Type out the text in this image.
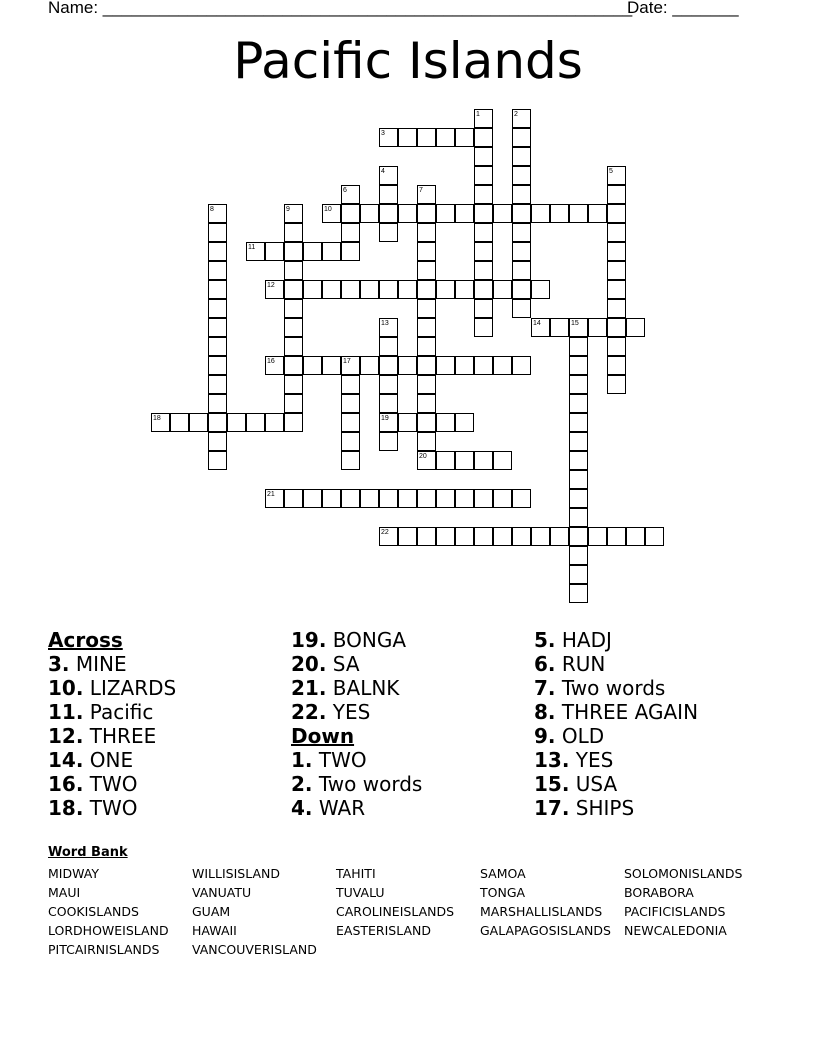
Name: ________________________________________________________
Date: _______
Pacific Islands
3
10
11
12
14
16
18	19
20
21
22
1	2
4	5
6	7
8	9
13	15
17
Across
3. MINE
10. LIZARDS
11. Pacific
12. THREE
14. ONE
16. TWO
18. TWO
19. BONGA
20. SA
21. BALNK
22. YES
Down
1. TWO
2. Two words
4. WAR
5. HADJ
6. RUN
7. Two words
8. THREE AGAIN
9. OLD
13. YES
15. USA
17. SHIPS
Word Bank
MIDWAY
MAUI
COOKISLANDS
LORDHOWEISLAND
PITCAIRNISLANDS
WILLISISLAND
VANUATU
GUAM
HAWAII
VANCOUVERISLAND
TAHITI
TUVALU
CAROLINEISLANDS
EASTERISLAND
SAMOA
TONGA
MARSHALLISLANDS
GALAPAGOSISLANDS
SOLOMONISLANDS
BORABORA
PACIFICISLANDS
NEWCALEDONIA
